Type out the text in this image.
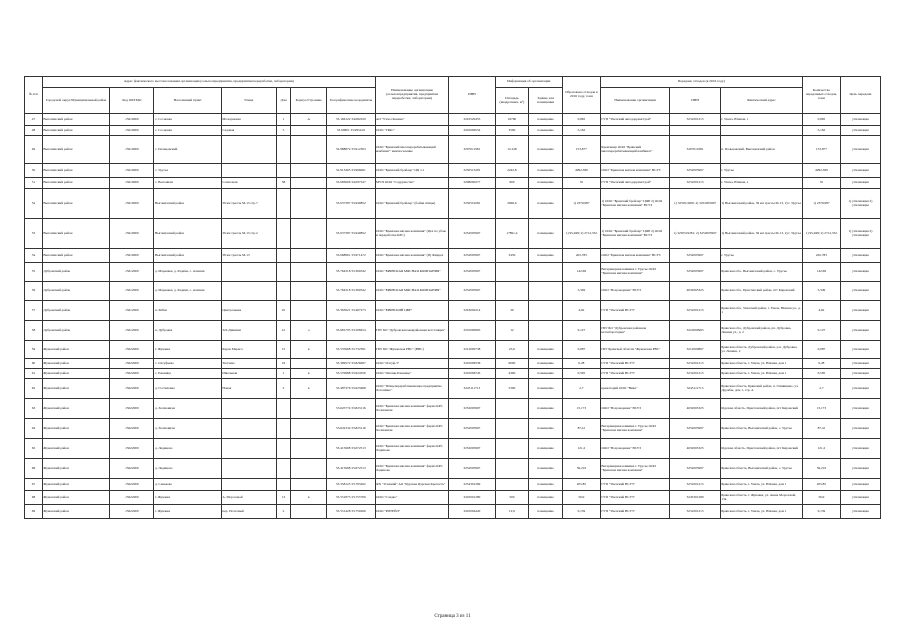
№ п/п	Адрес фактического местоположения организации (сельхозпредприятия, предприятия переработки, лаборатории)							Наименование организации (сельхозпредприятия, предприятия переработки, лаборатории)	ИНН	Информация об организации		Образовано отходов в 2016 году, тонн	Передано отходов (в 2016 году)			Количество переданных отходов, тонн	Цель передачи
	Городской округ/Муниципальный район	Код ОКТМО	Населенный пункт	Улица	Дом	Корпус/Строение	Географические координаты			Площадь (квадратных, м²)	Здание для помещения		Наименование организации	ИНН	Фактический адрес		
47	Выгоничский район	15610000	с. Сосновка	Молодежная	1	А	53.166122 34.082220	АО "Учхоз Кокино"	3243520455	16790	помещение	0,865	ГУП "Унечский автодорремстрой"	3231001215	г. Унеча, Южная, 1	0,865	утилизация
48	Выгоничский район	15610000	с. Сосновка	Садовая	5		53.00801 33.995419	ООО "ГРАС"	3245006554	3500	помещение	3,162				3,162	утилизация
49	Выгоничский район	15610000	с. Пальцовский				52.988872 33.912363	ООО "Брянский мясоперерабатывающий комбинат" межпоселение	3207011981	14 248	помещение	153,877	Кремлевер ООО "Брянский мясоперерабатывающий комбинат"	3207011981	п. Пальцовский, Выгоничский район	153,877	утилизация
50	Выгоничский район	15610000	с. Урусье				52.913465 33.966061	ООО "Брянский бройлер" ЦЦ 1-1	3250515281	2242,8	помещение	4992,389	ООО "Брянская мясная компания" ВСУЗ	3252005997	г. Урусье	4992,389	утилизация
51	Выгоничский район	15610000	с. Выгоничи	Совхозная	58		53.083606 34.097347	МУП ООО "Содружество"	3208000277	900	помещение	35	ГУП "Унечский автодорремстрой"	3231001215	г. Унеча, Южная, 1	35	утилизация
52	Выгоничский район	15610000	Выгоничский район	39 км трассы М-13 стр.7			53.037387 33.949852	ООО "Брянский бройлер" (бойня птицы)	3250519281	2669,6	помещение	1) 2379,987	1) ООО "Брянский бройлер" ЦФР 2) ООО "Брянская мясная компания" ВСУЗ	1) 3250519281 2) 3252005997	1) Выгоничский район, 39 км трассы М-13, 2) г. Урусье	1) 2379,987	1) утилизация 2) утилизация
53	Выгоничский район	15610000	Выгоничский район	39 км трассы М-13 стр.2			53.037387 33.949852	ООО "Брянская мясная компания" (Цех по убою и переработке КРС)	3252005997	17891,4	помещение	1) 95,948; 2) 2712,332	1) ООО "Брянский бройлер" ЦФР 2) ООО "Брянская мясная компания" ВСУЗ	1) 3250519281; 2) 3252005997	1) Выгоничский район, 39 км трассы М-13, 2) г. Урусье	1) 95,948; 2) 2712,332	1) утилизация 2) утилизация
54	Выгоничский район	15610000	Выгоничский район	38 км трассы М-13			53.068961 33.971472	ООО "Брянская мясная компания" (П) Фидцех	3252005997	3450	помещение	202,783	ООО "Брянская мясная компания" ВСУЗ	3252005997	г. Урусье	202,783	утилизация
55	Дубровский район	15612000	д. Мареевка, д. Радичи, с. Алешня				53.764318 33.360342	ООО "БРЯНСКАЯ МЯСНАЯ КОМПАНИЯ"	3252005997			142,69	Ветеринарная клиника г. Урусье ООО "Брянская мясная компания"	3252005997	Брянская обл., Выгоничский район, с. Урусье	142,69	утилизация
56	Дубровский район	15612000	д. Мареевка, д. Радичи, с. Алешня				53.764318 33.360342	ООО "БРЯНСКАЯ МЯСНАЯ КОМПАНИЯ"	3252005997			5,349	ООО "Возрождение" ВСУЗ	4632065325	Брянская обл., Пристенский район, пгт Кировский	5,349	утилизация
57	Дубровский район	15612000	п. Рябчи	Центральная	45		53.363921 33.467273	ООО "БРЯНСКИЙ ЦВР"	3243002214	30		4,62	ГУП "Унечский ВСУЗ"	3231001215	Брянская обл., Унечский район, г. Унеча, Южная ул., д. 1	4,62	утилизация
58	Дубровский район	15612000	п. Дубровка	324 Дивизии	41	а	53.681795 33.508454	ГБУ БО "Дубровская межрайонная ветстанция"	3210000965	12		0,127	ГБУ БО "Дубровская районная ветлаборатория"	3210000965	Брянская обл., Дубровский район, рп. Дубровка, Ленина ул., д. 2	0,127	утилизация
59	Жуковский район	15622000	г. Жуковка	Карла Маркса	15	в	53.535968 33.732391	ГБУ БО "Жуковская РВС" (ВВС)	3212000738	25,6	помещение	0,087	ГБУ Брянской области "Жуковская РВС"	3212000867	Брянская область, Дубровский район, р.п. Дубровка, ул. Ленина, 2	0,087	утилизация
60	Жуковский район	15622000	с. Олсуфьево	Тютчева	16		53.369572 33.826697	ООО "Олсуф-3"	3245006536	6000	помещение	0,28	ГУП "Унечский ВСУЗ"	3231001215	Брянская область, г. Унеча, ул. Южная, дом 1	0,28	утилизация
61	Жуковский район	15622000	с. Ржаница	Школьная	1	в	53.570988 33.924356	ООО "Овсянк-Ржаница"	3245006745	4300	помещение	0,595	ГУП "Унечский ВСУЗ"	3231001215	Брянская область, г. Унеча, ул. Южная, дом 1	0,595	утилизация
62	Жуковский район	15622000	д. Гостиловка	Новая	2	в	53.487376 33.625668	ООО "Птицеперерабатывающее предприятие Лотошино"	3245111713	5300	помещение	2,7	крематорий ООО "Ника"	3245111713	Брянская область, Брянский район, п. Глинищево, ул. Дружбы, дом 1, стр. А	2,7	утилизация
63	Жуковский район	15622000	д. Холмовичи				53.625774 33.823116	ООО "Брянская мясная компания" ферма КРС Холмовичи	3252005997		помещение	15,173	ООО "Возрождение" ВСУЗ	4632065325	Курская область, Пристенский район, пгт Кировский	15,173	утилизация
64	Жуковский район	15622000	д. Холмовичи				53.622234 33.823116	ООО "Брянская мясная компания" ферма КРС Холмовичи	3252005997		помещение	87,41	Ветеринарная клиника г. Урусье ООО "Брянская мясная компания"	3252005997	Брянская область, Выгоничский район, с. Урусье	87,41	утилизация
65	Жуковский район	15622000	д. Лединово				53.415998 33.672513	ООО "Брянская мясная компания" ферма КРС Лединово	3252005997		помещение	121,2	ООО "Возрождение" ВСУЗ	4632065325	Курская область, Пристенский район, пгт Кировский	121,2	утилизация
66	Жуковский район	15622000	д. Лединово				53.415998 33.672513	ООО "Брянская мясная компания" ферма КРС Лединово	3252005997		помещение	39,219	Ветеринарная клиника г. Урусье ООО "Брянская мясная компания"	3252005997	Брянская область, Выгоничский район, с. Урусье	39,219	утилизация
67	Жуковский район	15622000	д. Сеньково				53.358123 33.793262	ФХ "Уснежий" АО "Курская Царская Крепость"	3234301269		помещение	205,85	ГУП "Унечский ВСУЗ"	3231001215	Брянская область, г. Унеча, ул. Южная, дом 1	205,85	утилизация
68	Жуковский район	15622000	г. Жуковка	А. Морозовой	13	в	53.551875 33.755706	ООО "Сладко"	3245001280	500	помещение	56,9	ГУП "Унечский ВСУЗ"	3245301280	Брянская область, г. Жуковка, ул. Анны Морозовой, 13в	56,9	утилизация
69	Жуковский район	15622000	г. Жуковка	пер. Почтовый	2		53.551428 33.750266	ООО "РИТЕЙЛ"	3245004420	12,9	помещение	0,159	ГУП "Унечский ВСУЗ"	3231001215	Брянская область, г. Унеча, ул. Южная, дом 1	0,159	утилизация
Страница 3 из 11
